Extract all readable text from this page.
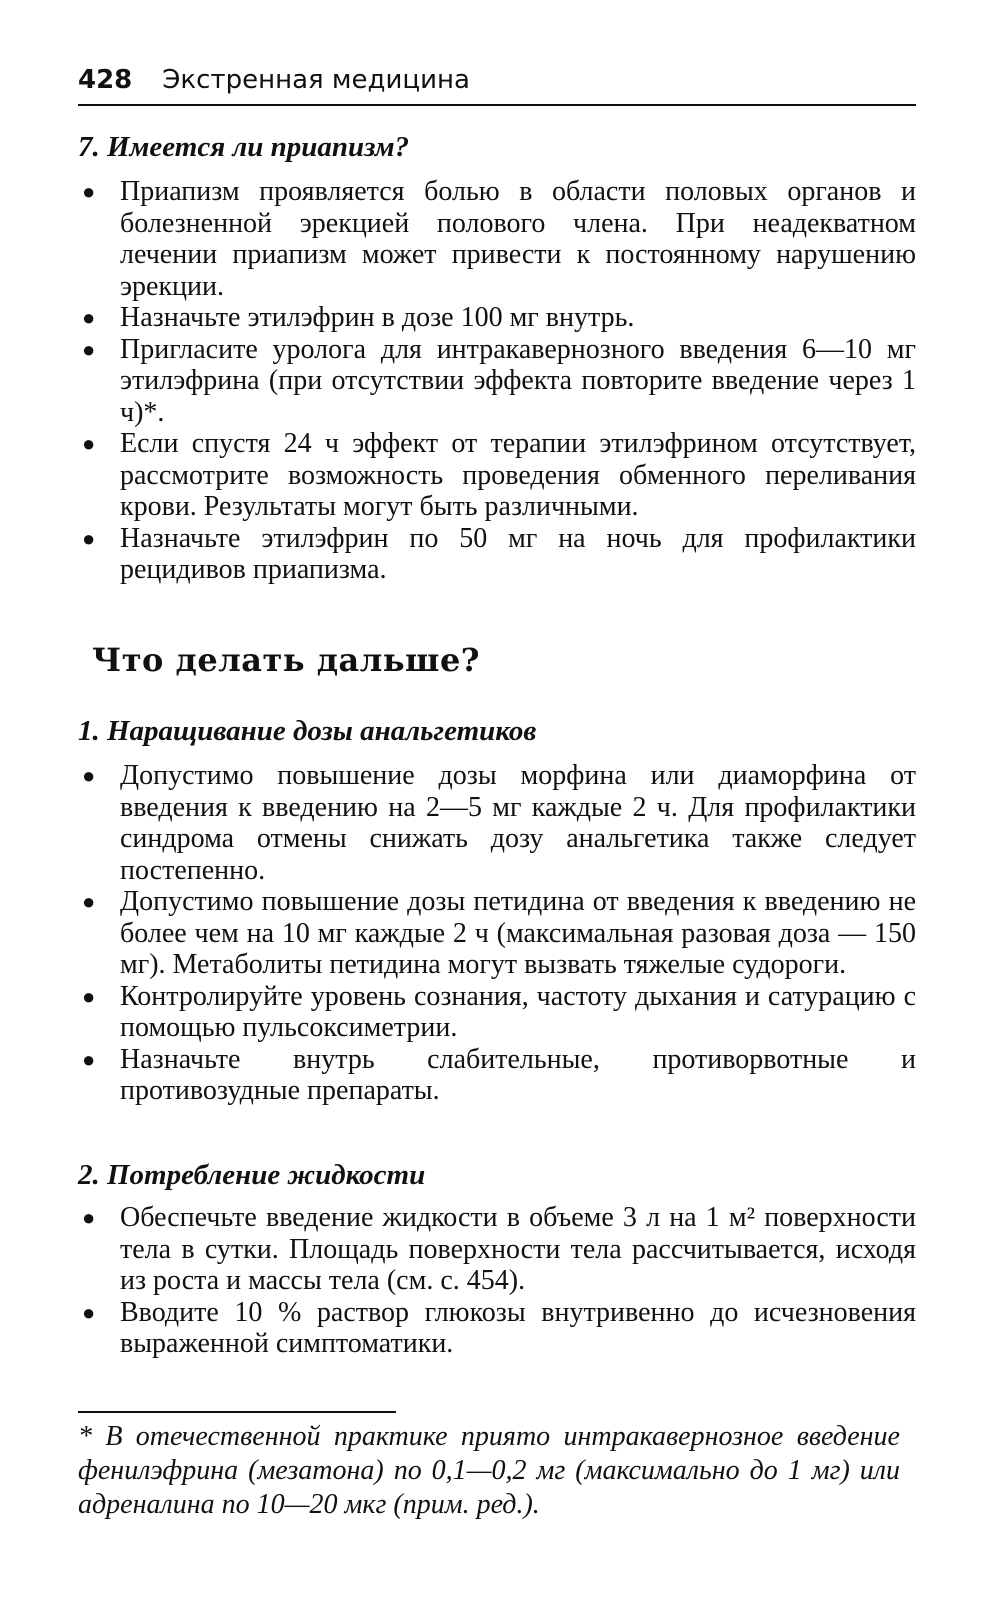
428 Экстренная медицина
7. Имеется ли приапизм?
● Приапизм проявляется болью в области половых органов и болезненной эрекцией полового члена. При неадекватном лечении приапизм может привести к постоянному нарушению эрекции.
● Назначьте этилэфрин в дозе 100 мг внутрь.
● Пригласите уролога для интракавернозного введения 6—10 мг этилэфрина (при отсутствии эффекта повторите введение через 1 ч)*.
● Если спустя 24 ч эффект от терапии этилэфрином отсутствует, рассмотрите возможность проведения обменного переливания крови. Результаты могут быть различными.
● Назначьте этилэфрин по 50 мг на ночь для профилактики рецидивов приапизма.
Что делать дальше?
1. Наращивание дозы анальгетиков
● Допустимо повышение дозы морфина или диаморфина от введения к введению на 2—5 мг каждые 2 ч. Для профилактики синдрома отмены снижать дозу анальгетика также следует постепенно.
● Допустимо повышение дозы петидина от введения к введению не более чем на 10 мг каждые 2 ч (максимальная разовая доза — 150 мг). Метаболиты петидина могут вызвать тяжелые судороги.
● Контролируйте уровень сознания, частоту дыхания и сатурацию с помощью пульсоксиметрии.
● Назначьте внутрь слабительные, противорвотные и противозудные препараты.
2. Потребление жидкости
● Обеспечьте введение жидкости в объеме 3 л на 1 м² поверхности тела в сутки. Площадь поверхности тела рассчитывается, исходя из роста и массы тела (см. с. 454).
● Вводите 10 % раствор глюкозы внутривенно до исчезновения выраженной симптоматики.
* В отечественной практике прияmo интракавернозное введение фенилэфрина (мезатона) по 0,1—0,2 мг (максимально до 1 мг) или адреналина по 10—20 мкг (прим. ред.).
